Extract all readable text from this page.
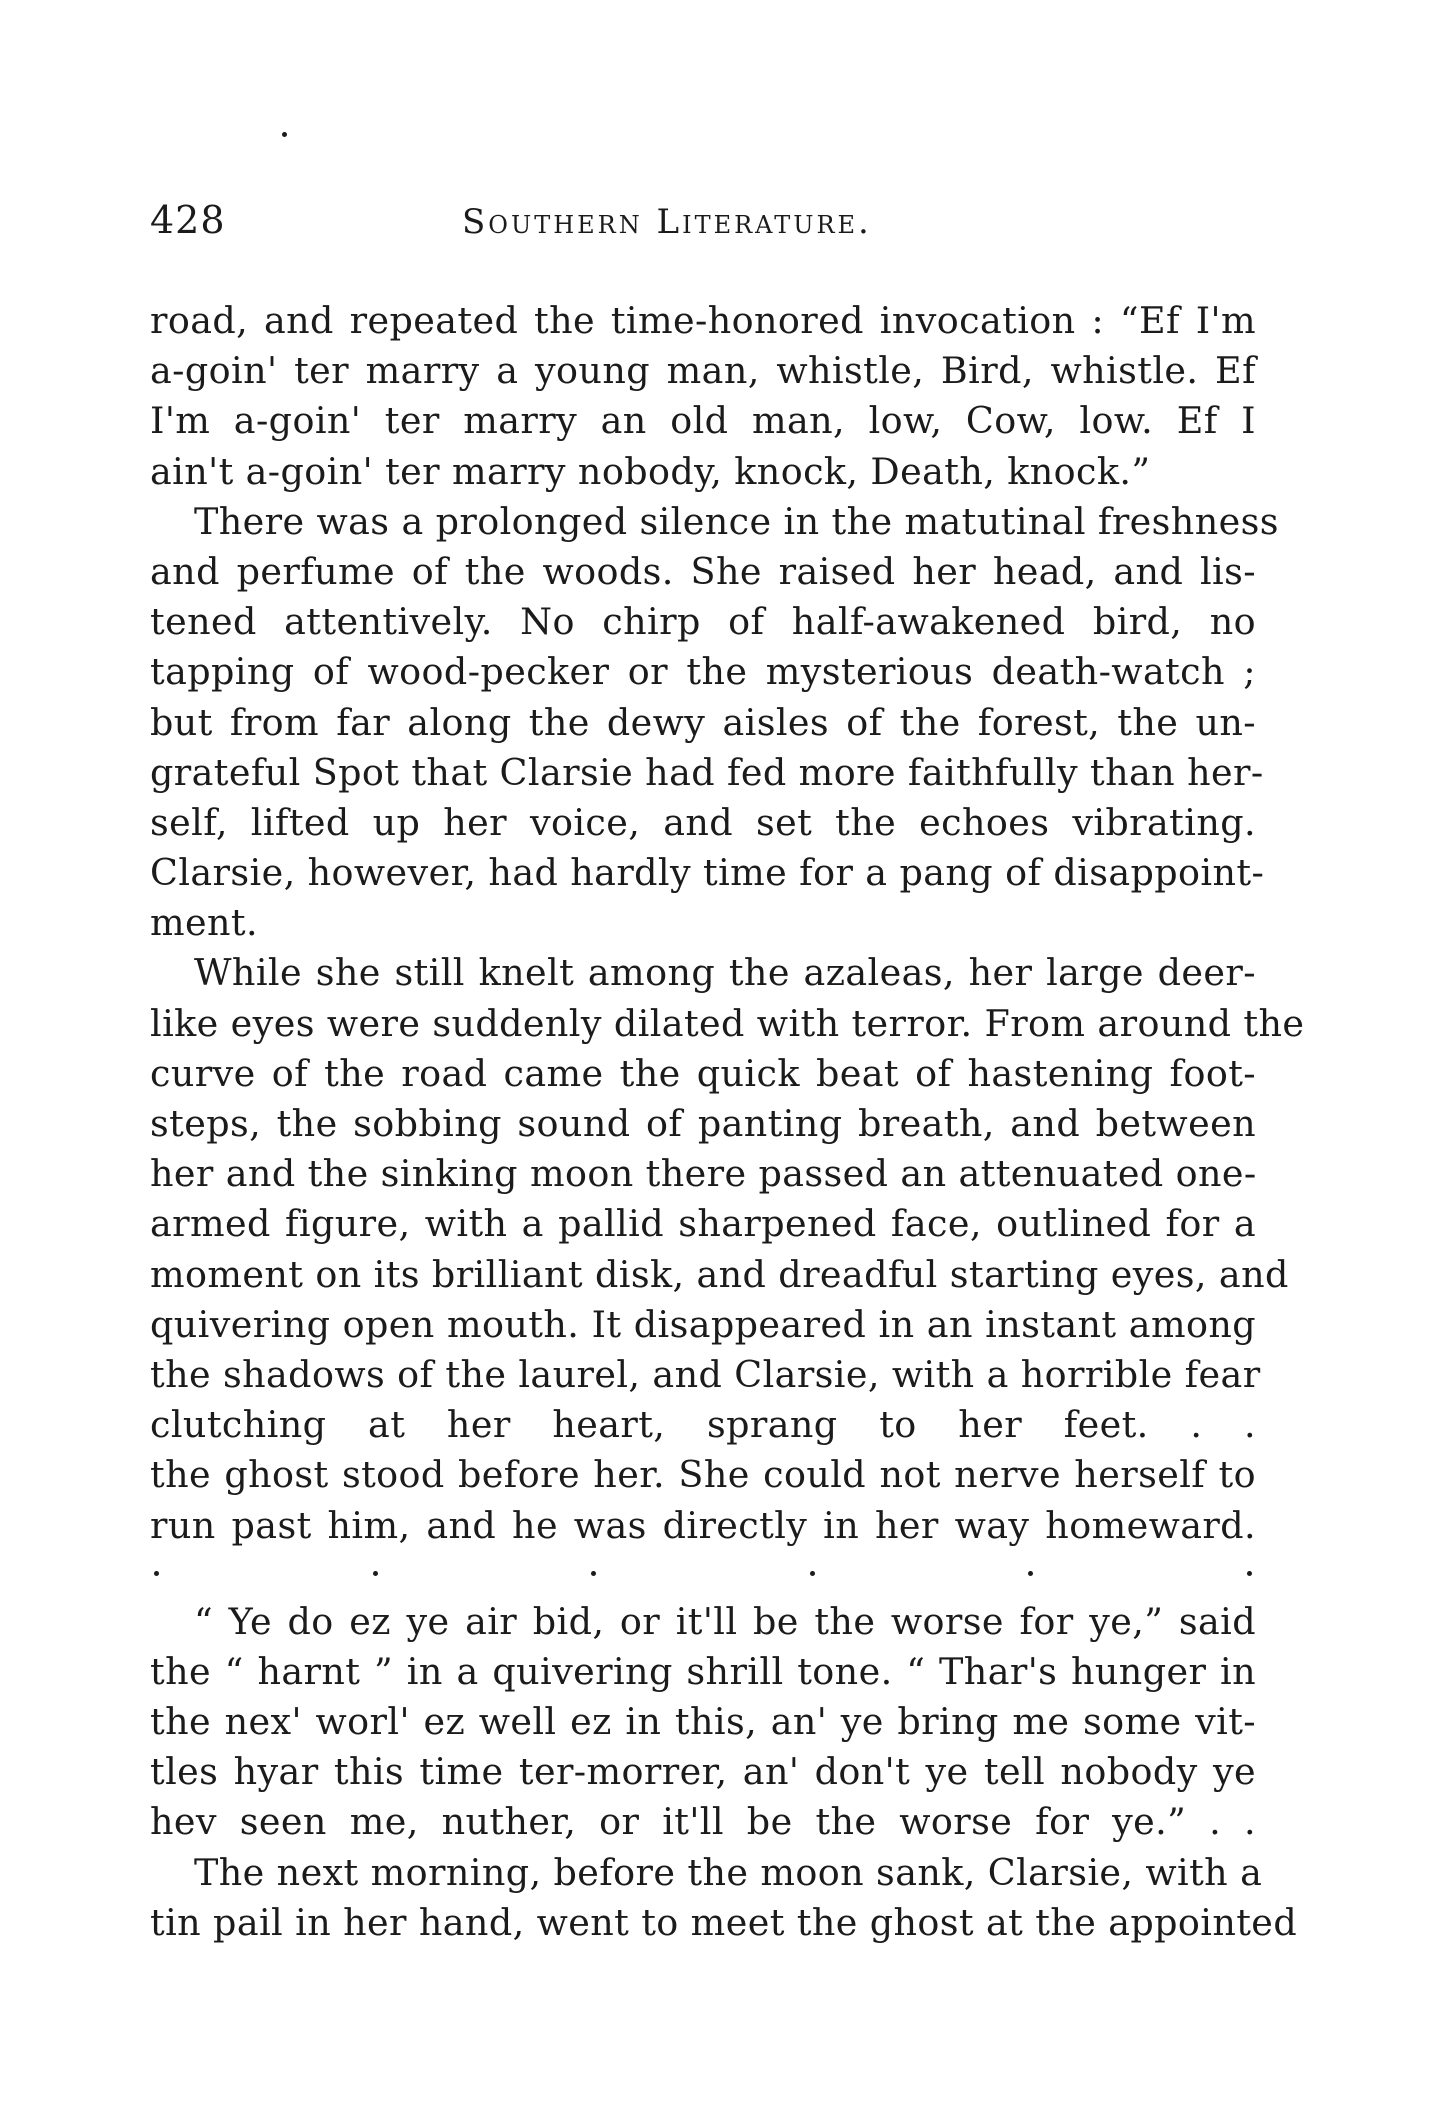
428	Southern Literature.
road, and repeated the time-honored invocation : “Ef I'm
a-goin' ter marry a young man, whistle, Bird, whistle. Ef
I'm a-goin' ter marry an old man, low, Cow, low. Ef I
ain't a-goin' ter marry nobody, knock, Death, knock.”
There was a prolonged silence in the matutinal freshness
and perfume of the woods. She raised her head, and lis-
tened attentively. No chirp of half-awakened bird, no
tapping of wood-pecker or the mysterious death-watch ;
but from far along the dewy aisles of the forest, the un-
grateful Spot that Clarsie had fed more faithfully than her-
self, lifted up her voice, and set the echoes vibrating.
Clarsie, however, had hardly time for a pang of disappoint-
ment.
While she still knelt among the azaleas, her large deer-
like eyes were suddenly dilated with terror. From around the
curve of the road came the quick beat of hastening foot-
steps, the sobbing sound of panting breath, and between
her and the sinking moon there passed an attenuated one-
armed figure, with a pallid sharpened face, outlined for a
moment on its brilliant disk, and dreadful starting eyes, and
quivering open mouth. It disappeared in an instant among
the shadows of the laurel, and Clarsie, with a horrible fear
clutching at her heart, sprang to her feet. . .
the ghost stood before her. She could not nerve herself to
run past him, and he was directly in her way homeward.
“ Ye do ez ye air bid, or it'll be the worse for ye,” said
the “ harnt ” in a quivering shrill tone. “ Thar's hunger in
the nex' worl' ez well ez in this, an' ye bring me some vit-
tles hyar this time ter-morrer, an' don't ye tell nobody ye
hev seen me, nuther, or it'll be the worse for ye.” . .
The next morning, before the moon sank, Clarsie, with a
tin pail in her hand, went to meet the ghost at the appointed
